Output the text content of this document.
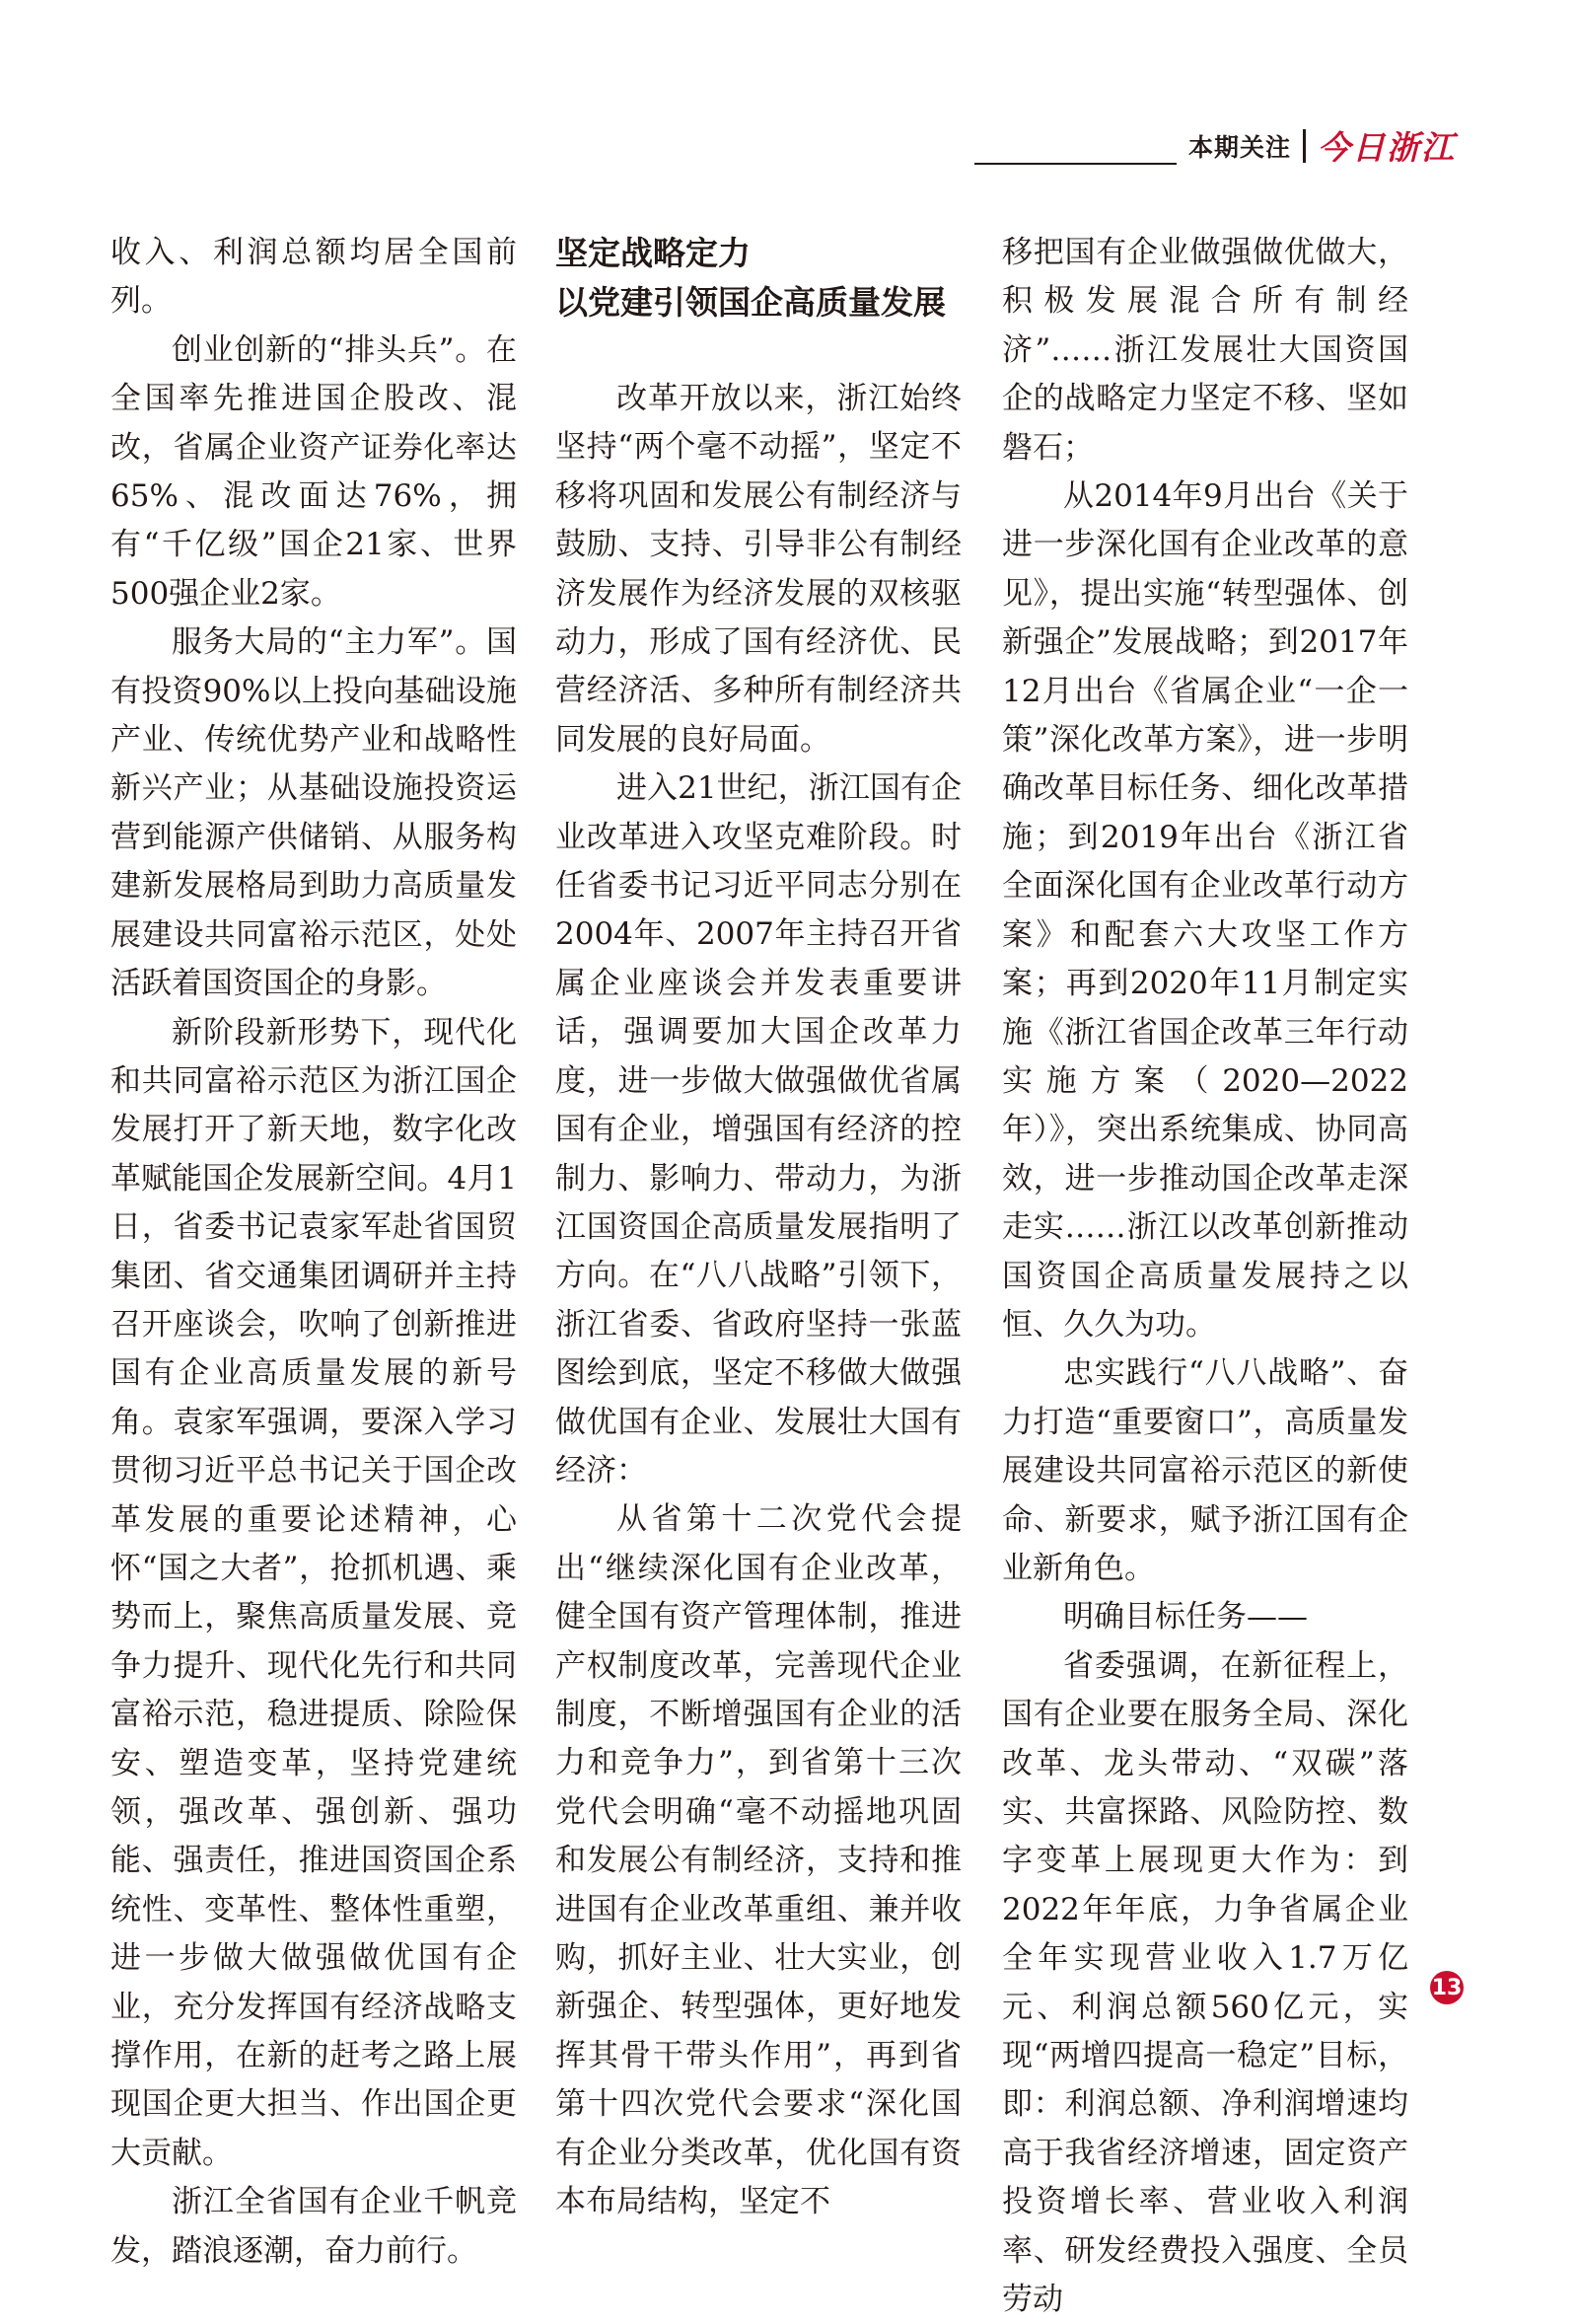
本期关注 今日浙江

收入、利润总额均居全国前列。

创业创新的“排头兵”。在全国率先推进国企股改、混改，省属企业资产证券化率达65%、混改面达76%，拥有“千亿级”国企21家、世界500强企业2家。

服务大局的“主力军”。国有投资90%以上投向基础设施产业、传统优势产业和战略性新兴产业；从基础设施投资运营到能源产供储销、从服务构建新发展格局到助力高质量发展建设共同富裕示范区，处处活跃着国资国企的身影。

新阶段新形势下，现代化和共同富裕示范区为浙江国企发展打开了新天地，数字化改革赋能国企发展新空间。4月1日，省委书记袁家军赴省国贸集团、省交通集团调研并主持召开座谈会，吹响了创新推进国有企业高质量发展的新号角。袁家军强调，要深入学习贯彻习近平总书记关于国企改革发展的重要论述精神，心怀“国之大者”，抢抓机遇、乘势而上，聚焦高质量发展、竞争力提升、现代化先行和共同富裕示范，稳进提质、除险保安、塑造变革，坚持党建统领，强改革、强创新、强功能、强责任，推进国资国企系统性、变革性、整体性重塑，进一步做大做强做优国有企业，充分发挥国有经济战略支撑作用，在新的赶考之路上展现国企更大担当、作出国企更大贡献。

浙江全省国有企业千帆竞发，踏浪逐潮，奋力前行。

坚定战略定力
以党建引领国企高质量发展

改革开放以来，浙江始终坚持“两个毫不动摇”，坚定不移将巩固和发展公有制经济与鼓励、支持、引导非公有制经济发展作为经济发展的双核驱动力，形成了国有经济优、民营经济活、多种所有制经济共同发展的良好局面。

进入21世纪，浙江国有企业改革进入攻坚克难阶段。时任省委书记习近平同志分别在2004年、2007年主持召开省属企业座谈会并发表重要讲话，强调要加大国企改革力度，进一步做大做强做优省属国有企业，增强国有经济的控制力、影响力、带动力，为浙江国资国企高质量发展指明了方向。在“八八战略”引领下，浙江省委、省政府坚持一张蓝图绘到底，坚定不移做大做强做优国有企业、发展壮大国有经济：

从省第十二次党代会提出“继续深化国有企业改革，健全国有资产管理体制，推进产权制度改革，完善现代企业制度，不断增强国有企业的活力和竞争力”，到省第十三次党代会明确“毫不动摇地巩固和发展公有制经济，支持和推进国有企业改革重组、兼并收购，抓好主业、壮大实业，创新强企、转型强体，更好地发挥其骨干带头作用”，再到省第十四次党代会要求“深化国有企业分类改革，优化国有资本布局结构，坚定不

移把国有企业做强做优做大，积极发展混合所有制经济”……浙江发展壮大国资国企的战略定力坚定不移、坚如磐石；

从2014年9月出台《关于进一步深化国有企业改革的意见》，提出实施“转型强体、创新强企”发展战略；到2017年12月出台《省属企业“一企一策”深化改革方案》，进一步明确改革目标任务、细化改革措施；到2019年出台《浙江省全面深化国有企业改革行动方案》和配套六大攻坚工作方案；再到2020年11月制定实施《浙江省国企改革三年行动实施方案（2020—2022年）》，突出系统集成、协同高效，进一步推动国企改革走深走实……浙江以改革创新推动国资国企高质量发展持之以恒、久久为功。

忠实践行“八八战略”、奋力打造“重要窗口”，高质量发展建设共同富裕示范区的新使命、新要求，赋予浙江国有企业新角色。

明确目标任务——

省委强调，在新征程上，国有企业要在服务全局、深化改革、龙头带动、“双碳”落实、共富探路、风险防控、数字变革上展现更大作为：到2022年年底，力争省属企业全年实现营业收入1.7万亿元、利润总额560亿元，实现“两增四提高一稳定”目标，即：利润总额、净利润增速均高于我省经济增速，固定资产投资增长率、营业收入利润率、研发经费投入强度、全员劳动

13
